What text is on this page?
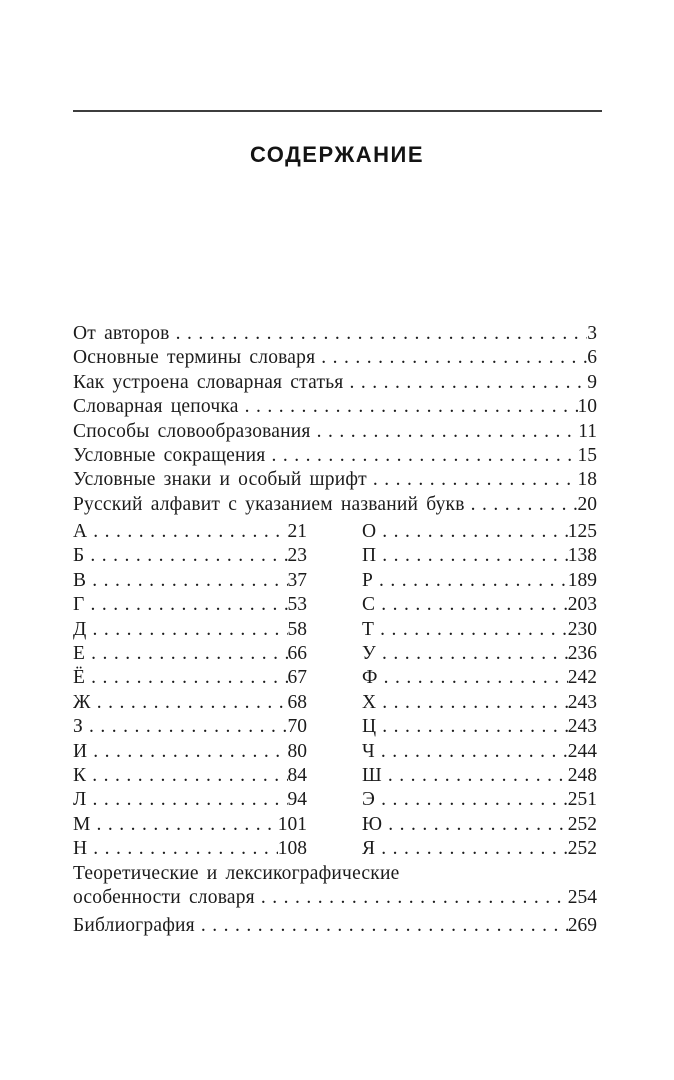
СОДЕРЖАНИЕ
От авторов .....	3
Основные термины словаря .....	6
Как устроена словарная статья .....	9
Словарная цепочка .....	10
Способы словообразования .....	11
Условные сокращения .....	15
Условные знаки и особый шрифт .....	18
Русский алфавит с указанием названий букв .....	20
А .....	21
Б .....	23
В .....	37
Г .....	53
Д .....	58
Е .....	66
Ё .....	67
Ж .....	68
З .....	70
И .....	80
К .....	84
Л .....	94
М .....	101
Н .....	108
О .....	125
П .....	138
Р .....	189
С .....	203
Т .....	230
У .....	236
Ф .....	242
Х .....	243
Ц .....	243
Ч .....	244
Ш .....	248
Э .....	251
Ю .....	252
Я .....	252
Теоретические и лексикографические
особенности словаря .....	254
Библиография .....	269
